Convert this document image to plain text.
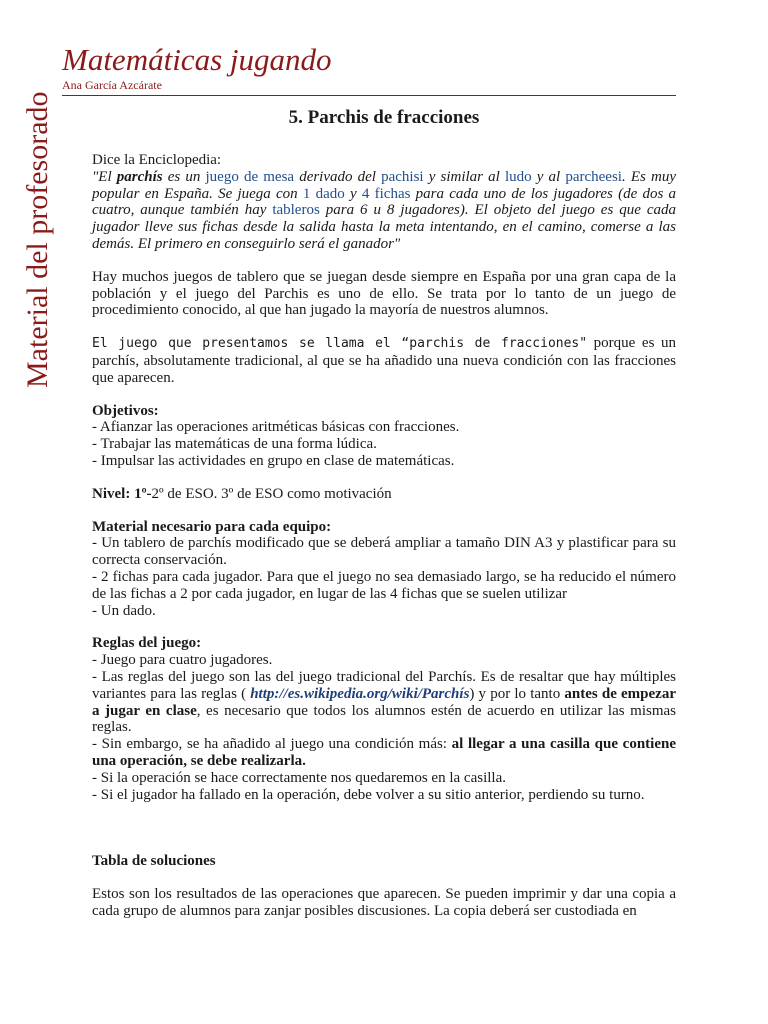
Material del profesorado
Matemáticas jugando
Ana García Azcárate
5. Parchis de fracciones

Dice la Enciclopedia:

"El parchís es un juego de mesa derivado del pachisi y similar al ludo y al parcheesi. Es muy popular en España. Se juega con 1 dado y 4 fichas para cada uno de los jugadores (de dos a cuatro, aunque también hay tableros para 6 u 8 jugadores). El objeto del juego es que cada jugador lleve sus fichas desde la salida hasta la meta intentando, en el camino, comerse a las demás. El primero en conseguirlo será el ganador"

Hay muchos juegos de tablero que se juegan desde siempre en España por una gran capa de la población y el juego del Parchis es uno de ello. Se trata por lo tanto de un juego de procedimiento conocido, al que han jugado la mayoría de nuestros alumnos.

El juego que presentamos se llama el “parchis de fracciones" porque es un parchís, absolutamente tradicional, al que se ha añadido una nueva condición con las fracciones que aparecen.

Objetivos:

- Afianzar las operaciones aritméticas básicas con fracciones.

- Trabajar las matemáticas de una forma lúdica.

- Impulsar las actividades en grupo en clase de matemáticas.

Nivel: 1º-2º de ESO. 3º de ESO como motivación

Material necesario para cada equipo:

- Un tablero de parchís modificado que se deberá ampliar a tamaño DIN A3 y plastificar para su correcta conservación.

- 2 fichas para cada jugador. Para que el juego no sea demasiado largo, se ha reducido el número de las fichas a 2 por cada jugador, en lugar de las 4 fichas que se suelen utilizar

- Un dado.

Reglas del juego:

- Juego para cuatro jugadores.

- Las reglas del juego son las del juego tradicional del Parchís. Es de resaltar que hay múltiples variantes para las reglas ( http://es.wikipedia.org/wiki/Parchís) y por lo tanto antes de empezar a jugar en clase, es necesario que todos los alumnos estén de acuerdo en utilizar las mismas reglas.

- Sin embargo, se ha añadido al juego una condición más: al llegar a una casilla que contiene una operación, se debe realizarla.

- Si la operación se hace correctamente nos quedaremos en la casilla.

- Si el jugador ha fallado en la operación, debe volver a su sitio anterior, perdiendo su turno.

Tabla de soluciones

Estos son los resultados de las operaciones que aparecen. Se pueden imprimir y dar una copia a cada grupo de alumnos para zanjar posibles discusiones. La copia deberá ser custodiada en
